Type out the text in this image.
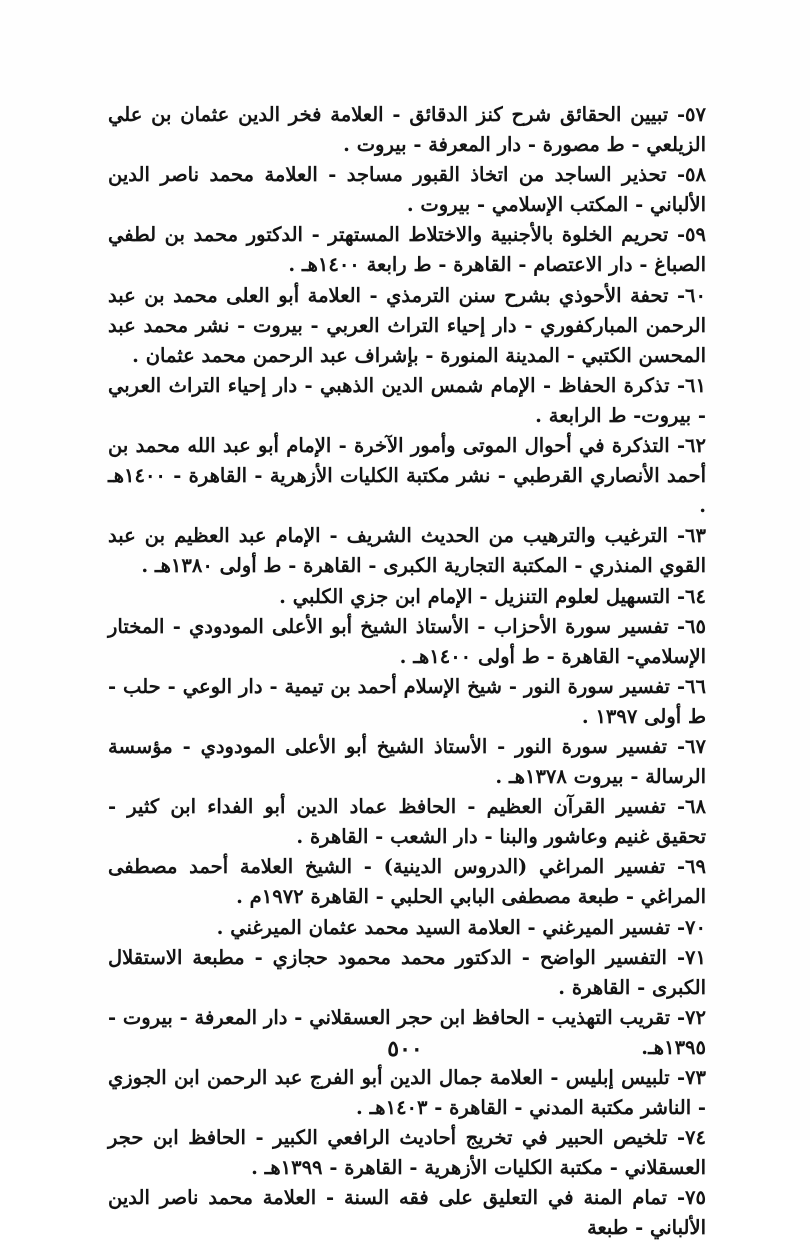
٥٧- تبيين الحقائق شرح كنز الدقائق - العلامة فخر الدين عثمان بن علي الزيلعي - ط مصورة - دار المعرفة - بيروت .

٥٨- تحذير الساجد من اتخاذ القبور مساجد - العلامة محمد ناصر الدين الألباني - المكتب الإسلامي - بيروت .

٥٩- تحريم الخلوة بالأجنبية والاختلاط المستهتر - الدكتور محمد بن لطفي الصباغ - دار الاعتصام - القاهرة - ط رابعة ١٤٠٠هـ .

٦٠- تحفة الأحوذي بشرح سنن الترمذي - العلامة أبو العلى محمد بن عبد الرحمن المباركفوري - دار إحياء التراث العربي - بيروت - نشر محمد عبد المحسن الكتبي - المدينة المنورة - بإشراف عبد الرحمن محمد عثمان .

٦١- تذكرة الحفاظ - الإمام شمس الدين الذهبي - دار إحياء التراث العربي - بيروت- ط الرابعة .

٦٢- التذكرة في أحوال الموتى وأمور الآخرة - الإمام أبو عبد الله محمد بن أحمد الأنصاري القرطبي - نشر مكتبة الكليات الأزهرية - القاهرة - ١٤٠٠هـ .

٦٣- الترغيب والترهيب من الحديث الشريف - الإمام عبد العظيم بن عبد القوي المنذري - المكتبة التجارية الكبرى - القاهرة - ط أولى ١٣٨٠هـ .

٦٤- التسهيل لعلوم التنزيل - الإمام ابن جزي الكلبي .

٦٥- تفسير سورة الأحزاب - الأستاذ الشيخ أبو الأعلى المودودي - المختار الإسلامي- القاهرة - ط أولى ١٤٠٠هـ .

٦٦- تفسير سورة النور - شيخ الإسلام أحمد بن تيمية - دار الوعي - حلب - ط أولى ١٣٩٧ .

٦٧- تفسير سورة النور - الأستاذ الشيخ أبو الأعلى المودودي - مؤسسة الرسالة - بيروت ١٣٧٨هـ .

٦٨- تفسير القرآن العظيم - الحافظ عماد الدين أبو الفداء ابن كثير - تحقيق غنيم وعاشور والبنا - دار الشعب - القاهرة .

٦٩- تفسير المراغي (الدروس الدينية) - الشيخ العلامة أحمد مصطفى المراغي - طبعة مصطفى البابي الحلبي - القاهرة ١٩٧٢م .

٧٠- تفسير الميرغني - العلامة السيد محمد عثمان الميرغني .

٧١- التفسير الواضح - الدكتور محمد محمود حجازي - مطبعة الاستقلال الكبرى - القاهرة .

٧٢- تقريب التهذيب - الحافظ ابن حجر العسقلاني - دار المعرفة - بيروت - ١٣٩٥هـ.

٧٣- تلبيس إبليس - العلامة جمال الدين أبو الفرج عبد الرحمن ابن الجوزي - الناشر مكتبة المدني - القاهرة - ١٤٠٣هـ .

٧٤- تلخيص الحبير في تخريج أحاديث الرافعي الكبير - الحافظ ابن حجر العسقلاني - مكتبة الكليات الأزهرية - القاهرة - ١٣٩٩هـ .

٧٥- تمام المنة في التعليق على فقه السنة - العلامة محمد ناصر الدين الألباني - طبعة

٥٠٠
